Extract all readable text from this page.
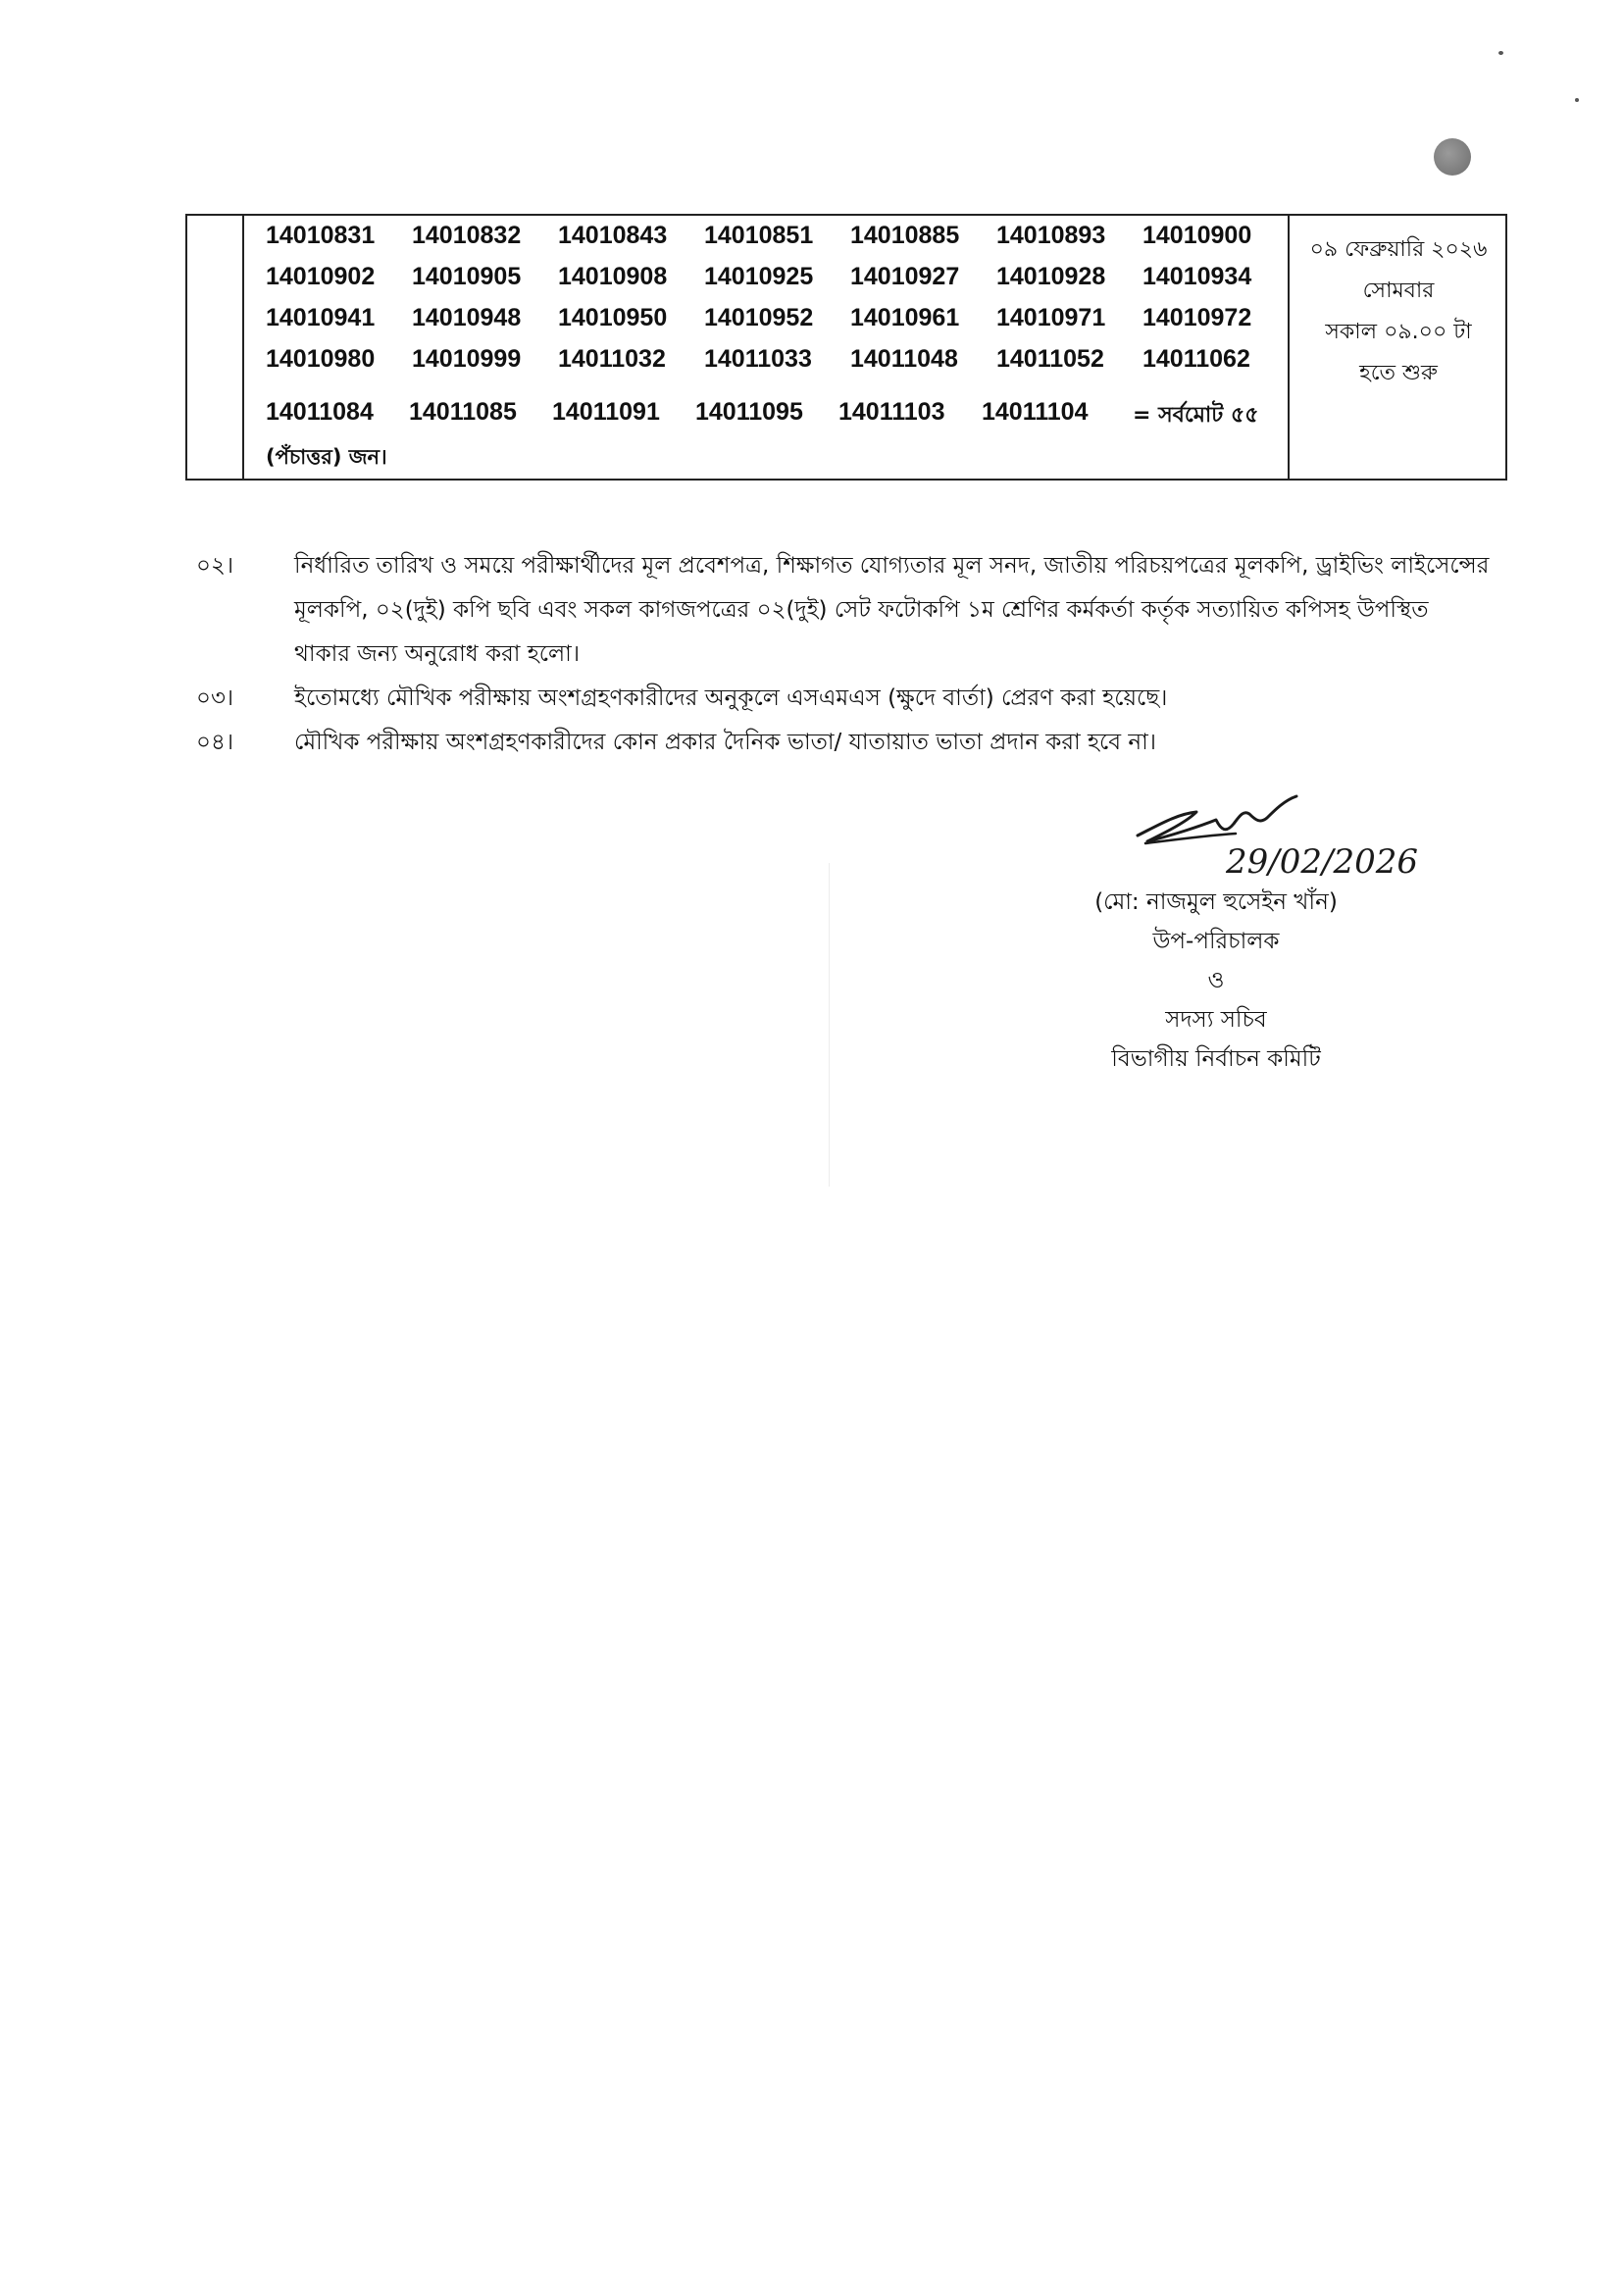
14010831	14010832	14010843	14010851	14010885	14010893	14010900
14010902	14010905	14010908	14010925	14010927	14010928	14010934
14010941	14010948	14010950	14010952	14010961	14010971	14010972
14010980	14010999	14011032	14011033	14011048	14011052	14011062
14011084	14011085	14011091	14011095	14011103	14011104	= সর্বমোট ৫৫
(পঁচাত্তর) জন।
০৯ ফেব্রুয়ারি ২০২৬
সোমবার
সকাল ০৯.০০ টা
হতে শুরু
০২।	নির্ধারিত তারিখ ও সময়ে পরীক্ষার্থীদের মূল প্রবেশপত্র, শিক্ষাগত যোগ্যতার মূল সনদ, জাতীয় পরিচয়পত্রের মূলকপি, ড্রাইভিং লাইসেন্সের মূলকপি, ০২(দুই) কপি ছবি এবং সকল কাগজপত্রের ০২(দুই) সেট ফটোকপি ১ম শ্রেণির কর্মকর্তা কর্তৃক সত্যায়িত কপিসহ উপস্থিত থাকার জন্য অনুরোধ করা হলো।
০৩।	ইতোমধ্যে মৌখিক পরীক্ষায় অংশগ্রহণকারীদের অনুকূলে এসএমএস (ক্ষুদে বার্তা) প্রেরণ করা হয়েছে।
০৪।	মৌখিক পরীক্ষায় অংশগ্রহণকারীদের কোন প্রকার দৈনিক ভাতা/ যাতায়াত ভাতা প্রদান করা হবে না।
29/02/2026
(মো: নাজমুল হুসেইন খাঁন)
উপ-পরিচালক
ও
সদস্য সচিব
বিভাগীয় নির্বাচন কমিটি
